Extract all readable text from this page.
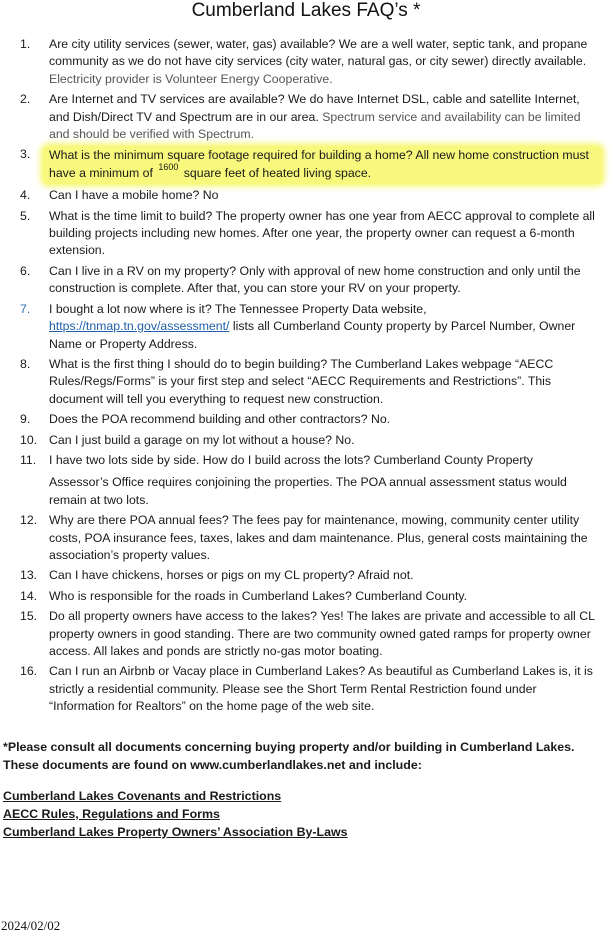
Cumberland Lakes FAQ’s *
1.	Are city utility services (sewer, water, gas) available? We are a well water, septic tank, and propane community as we do not have city services (city water, natural gas, or city sewer) directly available. Electricity provider is Volunteer Energy Cooperative.
2.	Are Internet and TV services are available? We do have Internet DSL, cable and satellite Internet, and Dish/Direct TV and Spectrum are in our area. Spectrum service and availability can be limited and should be verified with Spectrum.
3.	What is the minimum square footage required for building a home? All new home construction must have a minimum of $^{1600}$ square feet of heated living space.
4.	Can I have a mobile home? No
5.	What is the time limit to build? The property owner has one year from AECC approval to complete all building projects including new homes. After one year, the property owner can request a 6-month extension.
6.	Can I live in a RV on my property? Only with approval of new home construction and only until the construction is complete. After that, you can store your RV on your property.
7.	I bought a lot now where is it? The Tennessee Property Data website, https://tnmap.tn.gov/assessment/ lists all Cumberland County property by Parcel Number, Owner Name or Property Address.
8.	What is the first thing I should do to begin building? The Cumberland Lakes webpage “AECC Rules/Regs/Forms” is your first step and select “AECC Requirements and Restrictions”. This document will tell you everything to request new construction.
9.	Does the POA recommend building and other contractors? No.
10. Can I just build a garage on my lot without a house? No.
11.	I have two lots side by side. How do I build across the lots? Cumberland County Property
Assessor’s Office requires conjoining the properties. The POA annual assessment status would remain at two lots.
12. Why are there POA annual fees? The fees pay for maintenance, mowing, community center utility costs, POA insurance fees, taxes, lakes and dam maintenance. Plus, general costs maintaining the association’s property values.
13. Can I have chickens, horses or pigs on my CL property? Afraid not.
14. Who is responsible for the roads in Cumberland Lakes? Cumberland County.
15. Do all property owners have access to the lakes? Yes! The lakes are private and accessible to all CL property owners in good standing. There are two community owned gated ramps for property owner access. All lakes and ponds are strictly no-gas motor boating.
16. Can I run an Airbnb or Vacay place in Cumberland Lakes? As beautiful as Cumberland Lakes is, it is strictly a residential community. Please see the Short Term Rental Restriction found under “Information for Realtors” on the home page of the web site.
*Please consult all documents concerning buying property and/or building in Cumberland Lakes.
These documents are found on www.cumberlandlakes.net and include:
Cumberland Lakes Covenants and Restrictions
AECC Rules, Regulations and Forms
Cumberland Lakes Property Owners’ Association By-Laws
2024/02/02
